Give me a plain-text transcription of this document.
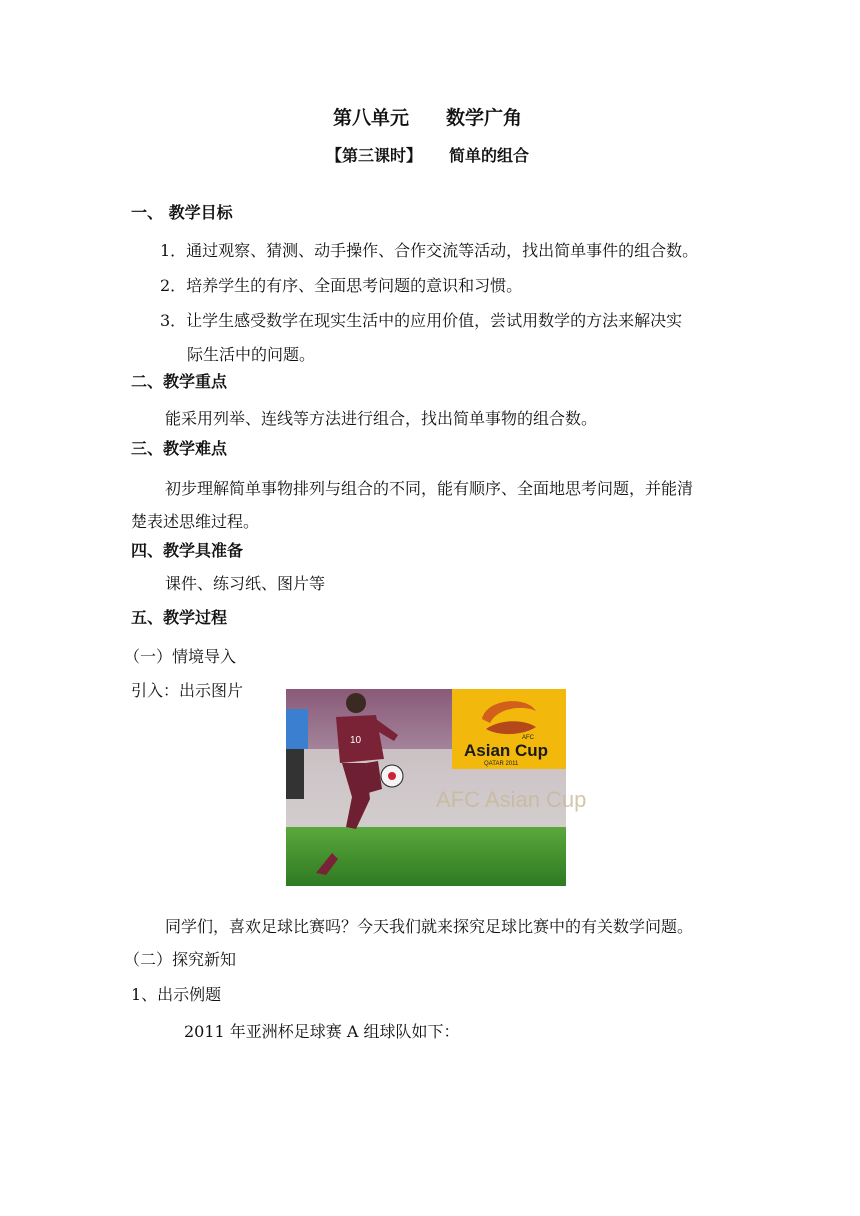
第八单元 数学广角
【第三课时】 简单的组合
一、 教学目标
1．通过观察、猜测、动手操作、合作交流等活动，找出简单事件的组合数。
2．培养学生的有序、全面思考问题的意识和习惯。
3．让学生感受数学在现实生活中的应用价值，尝试用数学的方法来解决实
际生活中的问题。
二、教学重点
能采用列举、连线等方法进行组合，找出简单事物的组合数。
三、教学难点
初步理解简单事物排列与组合的不同，能有顺序、全面地思考问题，并能清
楚表述思维过程。
四、教学具准备
课件、练习纸、图片等
五、教学过程
（一）情境导入
引入：出示图片
AFC Asian Cup
AFC
Asian Cup
QATAR 2011
10
同学们，喜欢足球比赛吗？今天我们就来探究足球比赛中的有关数学问题。
（二）探究新知
1、出示例题
2011 年亚洲杯足球赛 A 组球队如下：
